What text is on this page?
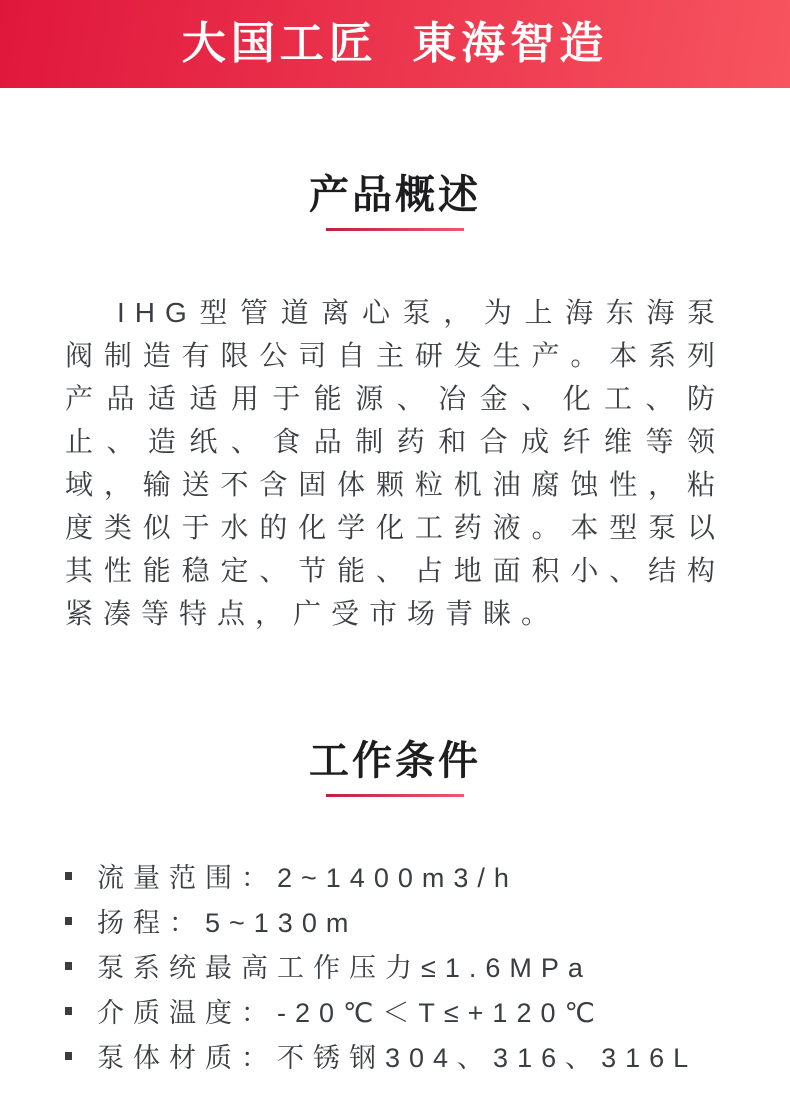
大国工匠  東海智造
产品概述

IHG型管道离心泵，为上海东海泵阀制造有限公司自主研发生产。本系列产品适适用于能源、冶金、化工、防止、造纸、食品制药和合成纤维等领域，输送不含固体颗粒机油腐蚀性，粘度类似于水的化学化工药液。本型泵以其性能稳定、节能、占地面积小、结构紧凑等特点，广受市场青睐。

工作条件
流量范围：2~1400m3/h
扬程：5~130m
泵系统最高工作压力≤1.6MPa
介质温度：-20℃＜T≤+120℃
泵体材质：不锈钢304、316、316L
